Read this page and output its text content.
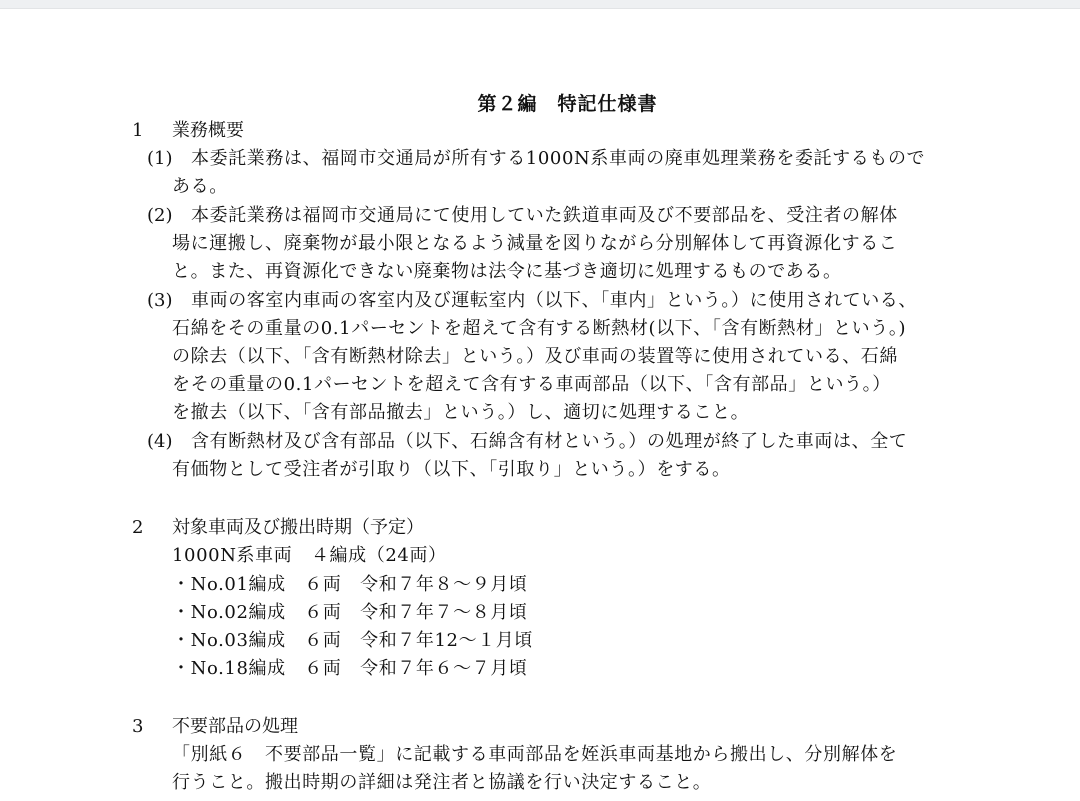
第２編　特記仕様書
1 業務概要
(1) 本委託業務は、福岡市交通局が所有する1000N系車両の廃車処理業務を委託するもので
ある。
(2) 本委託業務は福岡市交通局にて使用していた鉄道車両及び不要部品を、受注者の解体
場に運搬し、廃棄物が最小限となるよう減量を図りながら分別解体して再資源化するこ
と。また、再資源化できない廃棄物は法令に基づき適切に処理するものである。
(3) 車両の客室内車両の客室内及び運転室内（以下、「車内」という。）に使用されている、
石綿をその重量の0.1パーセントを超えて含有する断熱材(以下、「含有断熱材」という。)
の除去（以下、「含有断熱材除去」という。）及び車両の装置等に使用されている、石綿
をその重量の0.1パーセントを超えて含有する車両部品（以下、「含有部品」という。）
を撤去（以下、「含有部品撤去」という。）し、適切に処理すること。
(4) 含有断熱材及び含有部品（以下、石綿含有材という。）の処理が終了した車両は、全て
有価物として受注者が引取り（以下、「引取り」という。）をする。
2 対象車両及び搬出時期（予定）
1000N系車両　４編成（24両）
・No.01編成　６両　令和７年８～９月頃
・No.02編成　６両　令和７年７～８月頃
・No.03編成　６両　令和７年12～１月頃
・No.18編成　６両　令和７年６～７月頃
3 不要部品の処理
「別紙６　不要部品一覧」に記載する車両部品を姪浜車両基地から搬出し、分別解体を
行うこと。搬出時期の詳細は発注者と協議を行い決定すること。
